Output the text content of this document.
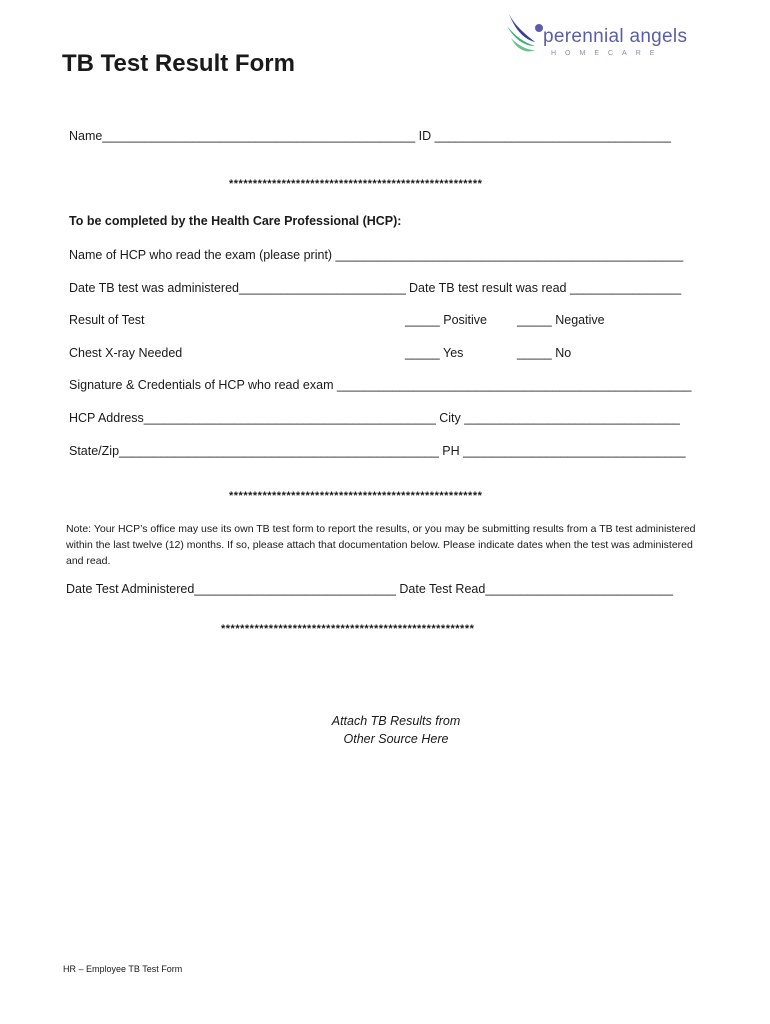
perennial angels
HOMECARE
TB Test Result Form
Name_____________________________________________ ID __________________________________
*****************************************************
To be completed by the Health Care Professional (HCP):
Name of HCP who read the exam (please print) __________________________________________________
Date TB test was administered________________________ Date TB test result was read ________________
Result of Test	_____ Positive _____ Negative
Chest X-ray Needed	_____ Yes	_____ No
Signature & Credentials of HCP who read exam ___________________________________________________
HCP Address__________________________________________ City _______________________________
State/Zip______________________________________________ PH ________________________________
*****************************************************
Note: Your HCP’s office may use its own TB test form to report the results, or you may be submitting results from a TB test administered within the last twelve (12) months. If so, please attach that documentation below. Please indicate dates when the test was administered and read.
Date Test Administered_____________________________ Date Test Read___________________________
*****************************************************
Attach TB Results from
Other Source Here
HR – Employee TB Test Form
